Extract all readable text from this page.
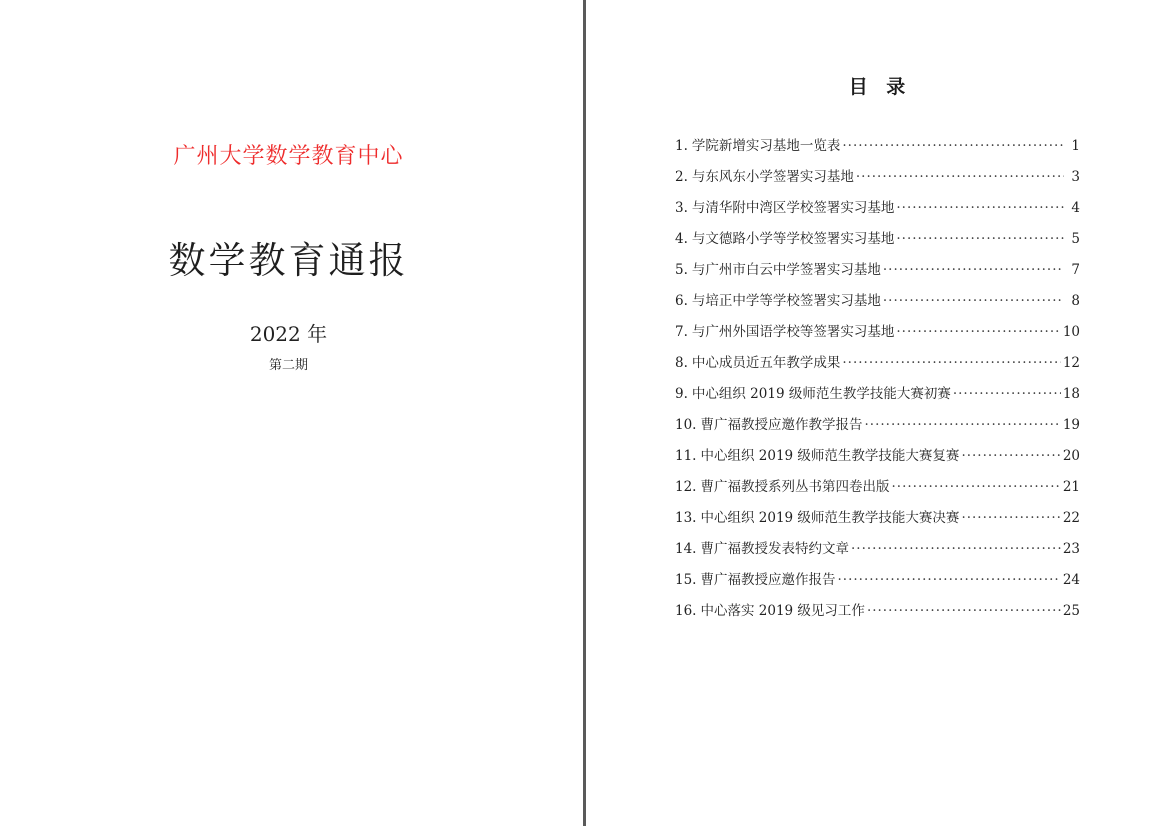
广州大学数学教育中心
数学教育通报
2022 年
第二期
目 录
1. 学院新增实习基地一览表 ·····	1
2. 与东风东小学签署实习基地 ·····	3
3. 与清华附中湾区学校签署实习基地 ·····	4
4. 与文德路小学等学校签署实习基地 ·····	5
5. 与广州市白云中学签署实习基地 ·····	7
6. 与培正中学等学校签署实习基地 ·····	8
7. 与广州外国语学校等签署实习基地 ·····	10
8. 中心成员近五年教学成果 ·····	12
9. 中心组织 2019 级师范生教学技能大赛初赛 ·····	18
10. 曹广福教授应邀作教学报告 ·····	19
11. 中心组织 2019 级师范生教学技能大赛复赛 ·····	20
12. 曹广福教授系列丛书第四卷出版 ·····	21
13. 中心组织 2019 级师范生教学技能大赛决赛 ·····	22
14. 曹广福教授发表特约文章 ·····	23
15. 曹广福教授应邀作报告 ·····	24
16. 中心落实 2019 级见习工作 ·····	25
